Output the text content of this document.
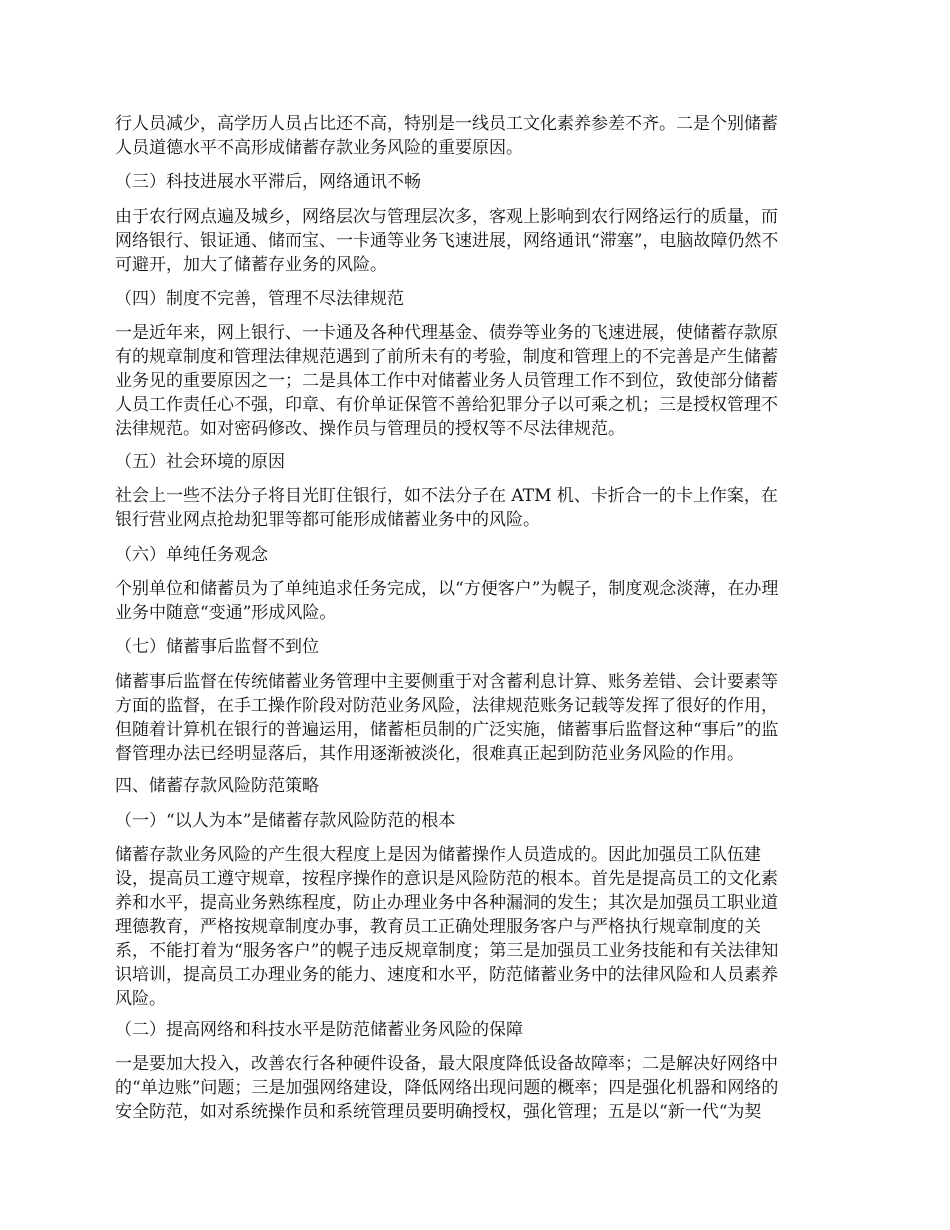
行人员减少，高学历人员占比还不高，特别是一线员工文化素养参差不齐。二是个别储蓄
人员道德水平不高形成储蓄存款业务风险的重要原因。

（三）科技进展水平滞后，网络通讯不畅

由于农行网点遍及城乡，网络层次与管理层次多，客观上影响到农行网络运行的质量，而
网络银行、银证通、储而宝、一卡通等业务飞速进展，网络通讯“滞塞”，电脑故障仍然不
可避开，加大了储蓄存业务的风险。

（四）制度不完善，管理不尽法律规范

一是近年来，网上银行、一卡通及各种代理基金、债券等业务的飞速进展，使储蓄存款原
有的规章制度和管理法律规范遇到了前所未有的考验，制度和管理上的不完善是产生储蓄
业务见的重要原因之一；二是具体工作中对储蓄业务人员管理工作不到位，致使部分储蓄
人员工作责任心不强，印章、有价单证保管不善给犯罪分子以可乘之机；三是授权管理不
法律规范。如对密码修改、操作员与管理员的授权等不尽法律规范。

（五）社会环境的原因

社会上一些不法分子将目光盯住银行，如不法分子在 ATM 机、卡折合一的卡上作案，在
银行营业网点抢劫犯罪等都可能形成储蓄业务中的风险。

（六）单纯任务观念

个别单位和储蓄员为了单纯追求任务完成，以“方便客户”为幌子，制度观念淡薄，在办理
业务中随意“变通”形成风险。

（七）储蓄事后监督不到位

储蓄事后监督在传统储蓄业务管理中主要侧重于对含蓄利息计算、账务差错、会计要素等
方面的监督，在手工操作阶段对防范业务风险，法律规范账务记载等发挥了很好的作用，
但随着计算机在银行的普遍运用，储蓄柜员制的广泛实施，储蓄事后监督这种“事后”的监
督管理办法已经明显落后，其作用逐渐被淡化，很难真正起到防范业务风险的作用。

四、储蓄存款风险防范策略

（一）“以人为本”是储蓄存款风险防范的根本

储蓄存款业务风险的产生很大程度上是因为储蓄操作人员造成的。因此加强员工队伍建
设，提高员工遵守规章，按程序操作的意识是风险防范的根本。首先是提高员工的文化素
养和水平，提高业务熟练程度，防止办理业务中各种漏洞的发生；其次是加强员工职业道
理德教育，严格按规章制度办事，教育员工正确处理服务客户与严格执行规章制度的关
系，不能打着为“服务客户”的幌子违反规章制度；第三是加强员工业务技能和有关法律知
识培训，提高员工办理业务的能力、速度和水平，防范储蓄业务中的法律风险和人员素养
风险。

（二）提高网络和科技水平是防范储蓄业务风险的保障

一是要加大投入，改善农行各种硬件设备，最大限度降低设备故障率；二是解决好网络中
的“单边账”问题；三是加强网络建设，降低网络出现问题的概率；四是强化机器和网络的
安全防范，如对系统操作员和系统管理员要明确授权，强化管理；五是以“新一代“为契
